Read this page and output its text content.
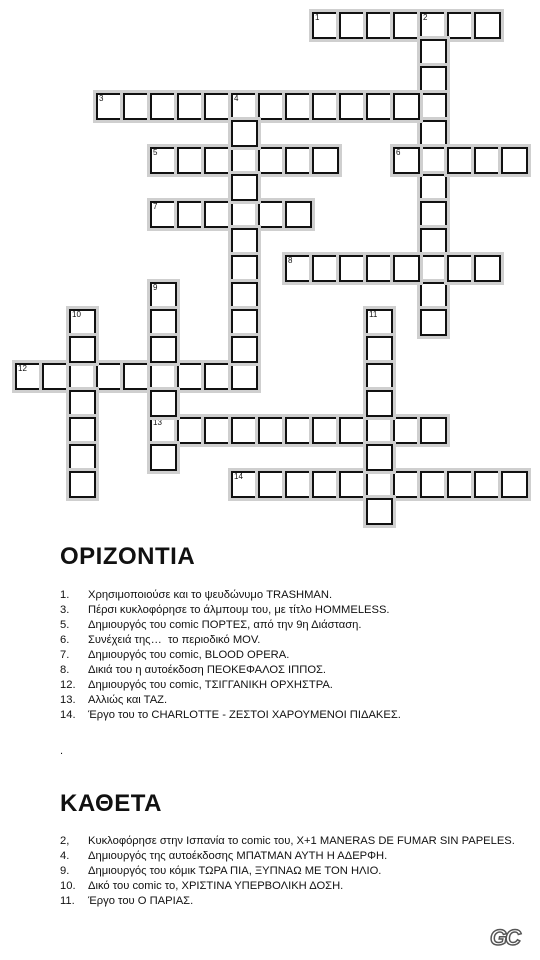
1	2
3	4
5	6
7
8
12
13
14
9
10	11
ΟΡΙΖΟΝΤΙΑ
1. Χρησιμοποιούσε και το ψευδώνυμο TRASHMAN.
3. Πέρσι κυκλοφόρησε το άλμπουμ του, με τίτλο HOMMELESS.
5. Δημιουργός του comic ΠΟΡΤΕΣ, από την 9η Διάσταση.
6. Συνέχειά της…  το περιοδικό MOV.
7. Δημιουργός του comic, BLOOD OPERA.
8. Δικιά του η αυτοέκδοση ΠΕΟΚΕΦΑΛΟΣ ΙΠΠΟΣ.
12. Δημιουργός του comic, ΤΣΙΓΓΑΝΙΚΗ ΟΡΧΗΣΤΡΑ.
13. Αλλιώς και ΤΑΖ.
14. Έργο του το CHARLOTTE - ΖΕΣΤΟΙ ΧΑΡΟΥΜΕΝΟΙ ΠΙΔΑΚΕΣ.
.
ΚΑΘΕΤΑ
2, Κυκλοφόρησε στην Ισπανία το comic του, X+1 MANERAS DE FUMAR SIN PAPELES.
4. Δημιουργός της αυτοέκδοσης ΜΠΑΤΜΑΝ ΑΥΤΗ Η ΑΔΕΡΦΗ.
9. Δημιουργός του κόμικ ΤΩΡΑ ΠΙΑ, ΞΥΠΝΑΩ ΜΕ ΤΟΝ ΗΛΙΟ.
10. Δικό του comic το, ΧΡΙΣΤΙΝΑ ΥΠΕΡΒΟΛΙΚΗ ΔΟΣΗ.
11. Έργο του Ο ΠΑΡΙΑΣ.
GC
